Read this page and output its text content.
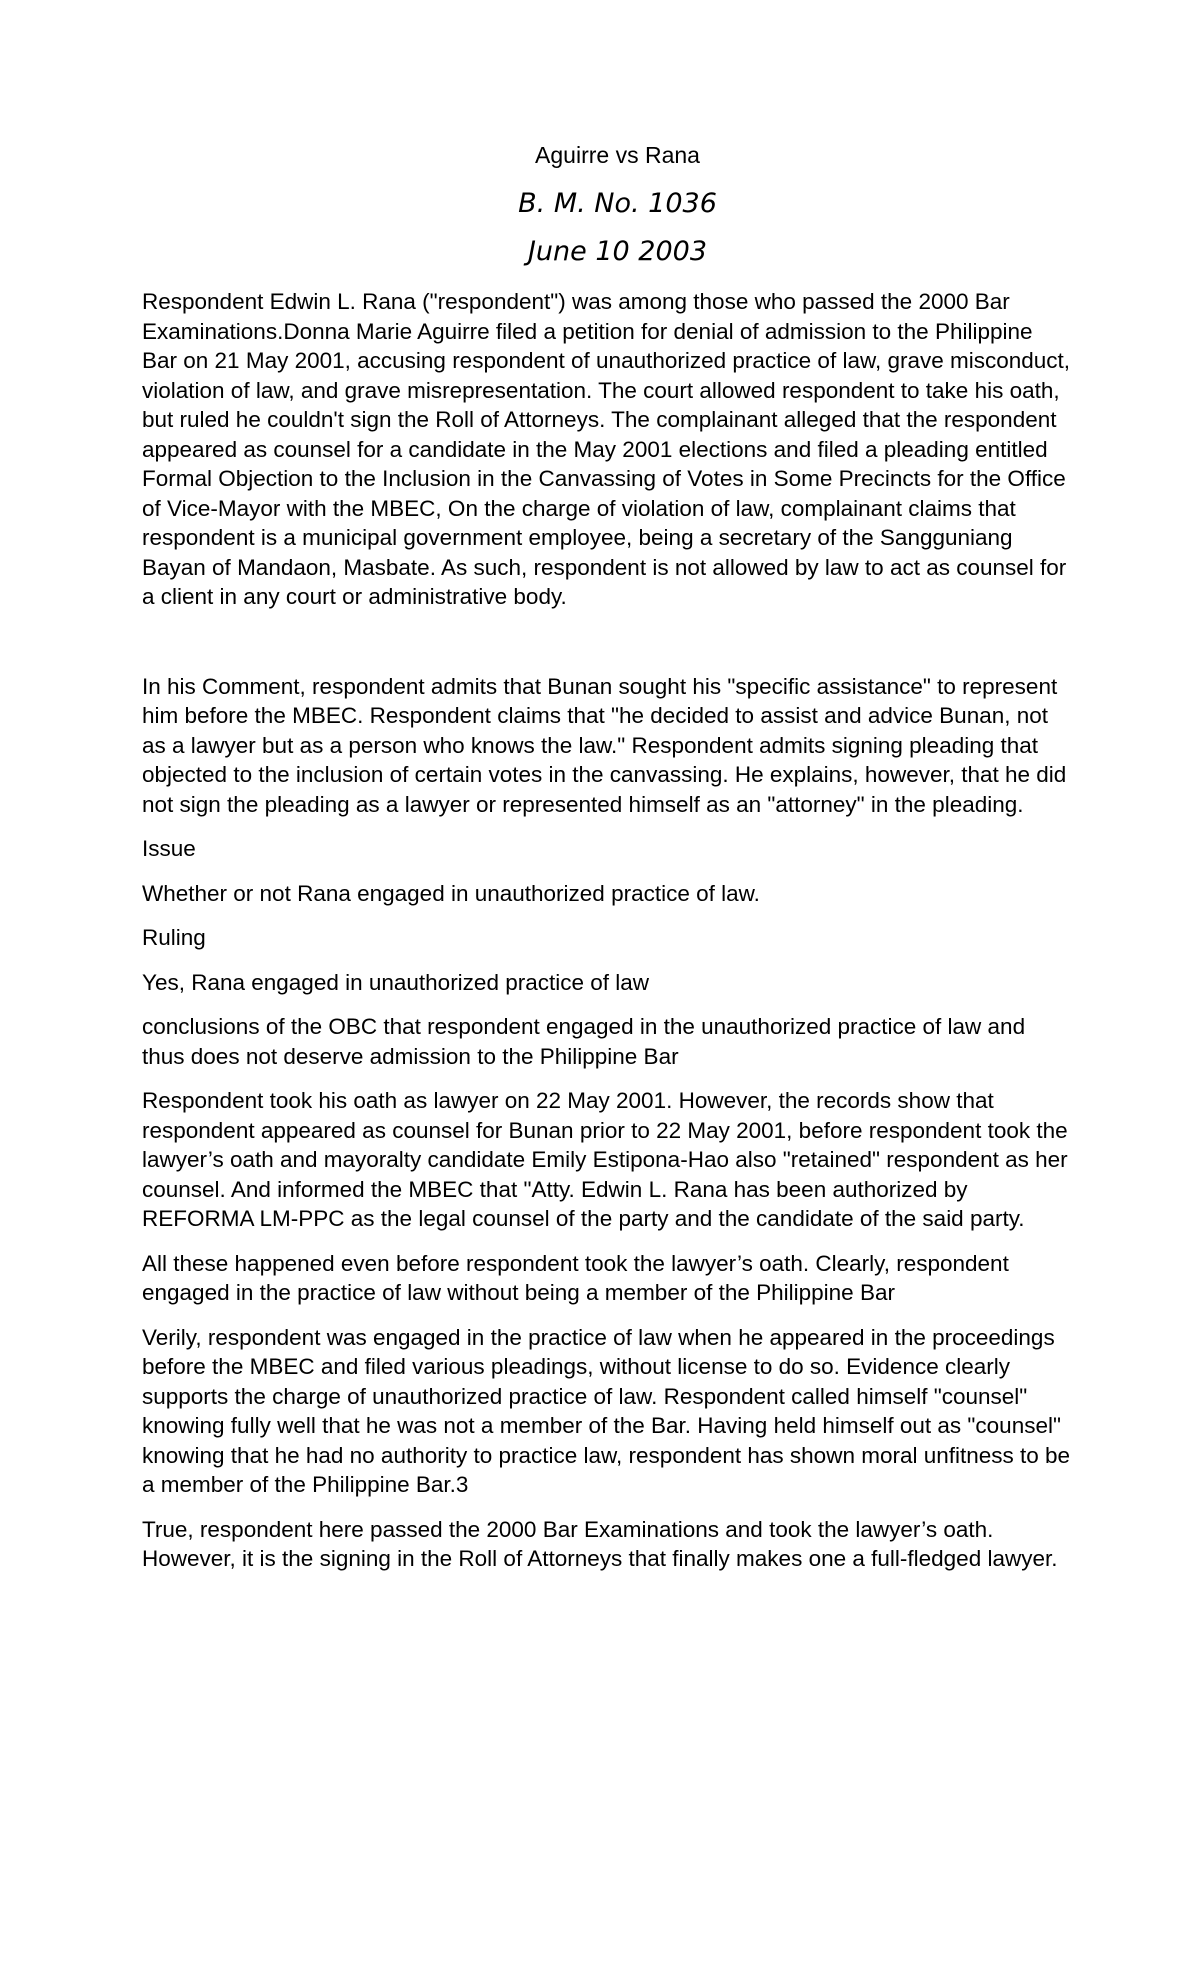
Aguirre vs Rana
B. M. No. 1036
June 10 2003

Respondent Edwin L. Rana ("respondent") was among those who passed the 2000 Bar Examinations.Donna Marie Aguirre filed a petition for denial of admission to the Philippine Bar on 21 May 2001, accusing respondent of unauthorized practice of law, grave misconduct, violation of law, and grave misrepresentation. The court allowed respondent to take his oath, but ruled he couldn't sign the Roll of Attorneys. The complainant alleged that the respondent appeared as counsel for a candidate in the May 2001 elections and filed a pleading entitled Formal Objection to the Inclusion in the Canvassing of Votes in Some Precincts for the Office of Vice-Mayor with the MBEC, On the charge of violation of law, complainant claims that respondent is a municipal government employee, being a secretary of the Sangguniang Bayan of Mandaon, Masbate. As such, respondent is not allowed by law to act as counsel for a client in any court or administrative body.

In his Comment, respondent admits that Bunan sought his "specific assistance" to represent him before the MBEC. Respondent claims that "he decided to assist and advice Bunan, not as a lawyer but as a person who knows the law." Respondent admits signing pleading that objected to the inclusion of certain votes in the canvassing. He explains, however, that he did not sign the pleading as a lawyer or represented himself as an "attorney" in the pleading.

Issue

Whether or not Rana engaged in unauthorized practice of law.

Ruling

Yes, Rana engaged in unauthorized practice of law

conclusions of the OBC that respondent engaged in the unauthorized practice of law and thus does not deserve admission to the Philippine Bar

Respondent took his oath as lawyer on 22 May 2001. However, the records show that respondent appeared as counsel for Bunan prior to 22 May 2001, before respondent took the lawyer’s oath and mayoralty candidate Emily Estipona-Hao also "retained" respondent as her counsel. And informed the MBEC that "Atty. Edwin L. Rana has been authorized by REFORMA LM-PPC as the legal counsel of the party and the candidate of the said party.

All these happened even before respondent took the lawyer’s oath. Clearly, respondent engaged in the practice of law without being a member of the Philippine Bar

Verily, respondent was engaged in the practice of law when he appeared in the proceedings before the MBEC and filed various pleadings, without license to do so. Evidence clearly supports the charge of unauthorized practice of law. Respondent called himself "counsel" knowing fully well that he was not a member of the Bar. Having held himself out as "counsel" knowing that he had no authority to practice law, respondent has shown moral unfitness to be a member of the Philippine Bar.3

True, respondent here passed the 2000 Bar Examinations and took the lawyer’s oath. However, it is the signing in the Roll of Attorneys that finally makes one a full-fledged lawyer.
